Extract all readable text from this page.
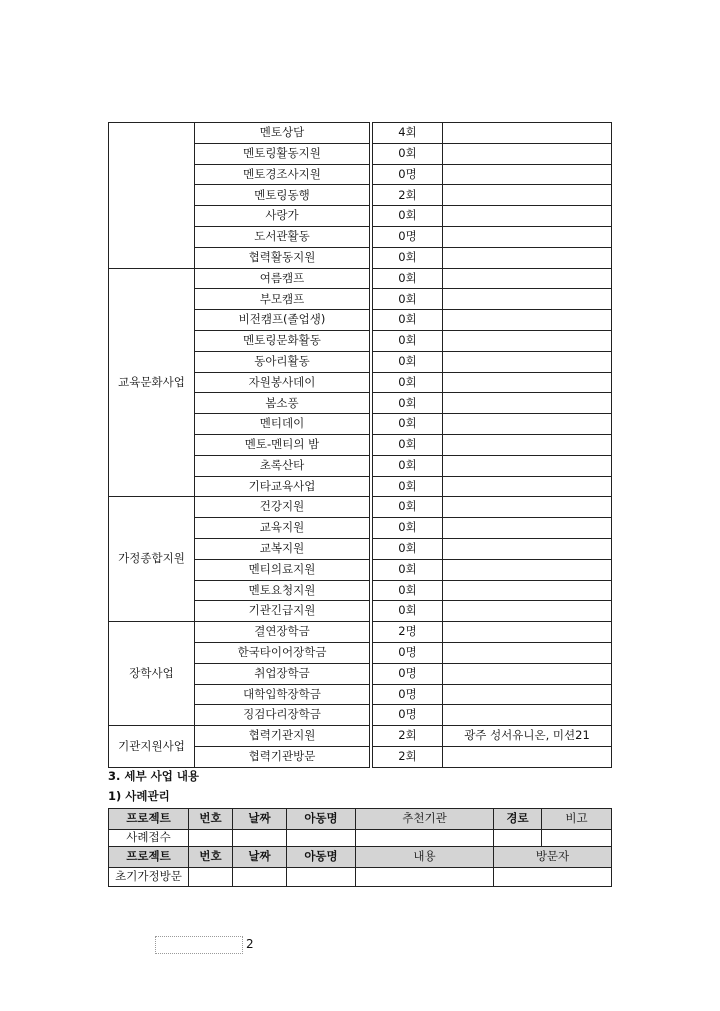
	멘토상담		4회	
	멘토링활동지원		0회	
	멘토경조사지원		0명	
	멘토링동행		2회	
	사랑가		0회	
	도서관활동		0명	
	협력활동지원		0회	
교육문화사업	여름캠프		0회	
	부모캠프		0회	
	비전캠프(졸업생)		0회	
	멘토링문화활동		0회	
	동아리활동		0회	
	자원봉사데이		0회	
	봄소풍		0회	
	멘티데이		0회	
	멘토-멘티의 밤		0회	
	초록산타		0회	
	기타교육사업		0회	
가정종합지원	건강지원		0회	
	교육지원		0회	
	교복지원		0회	
	멘티의료지원		0회	
	멘토요청지원		0회	
	기관긴급지원		0회	
장학사업	결연장학금		2명	
	한국타이어장학금		0명	
	취업장학금		0명	
	대학입학장학금		0명	
	징검다리장학금		0명	
기관지원사업	협력기관지원		2회	광주 성서유니온, 미션21
	협력기관방문		2회	
3. 세부 사업 내용
1) 사례관리
프로젝트	번호	날짜	아동명	추천기관	경로	비고
사례접수						
프로젝트	번호	날짜	아동명	내용	방문자	
초기가정방문						
2
